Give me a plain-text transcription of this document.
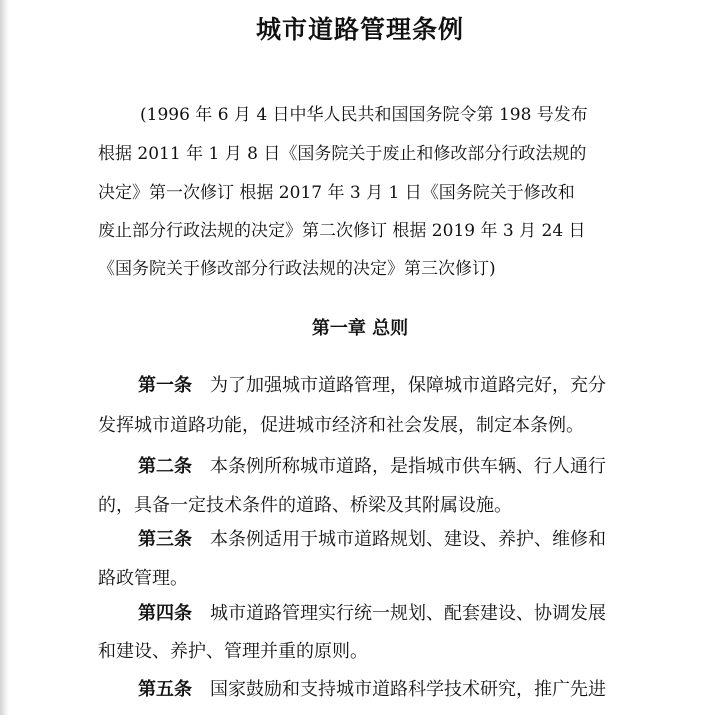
城市道路管理条例
(1996 年 6 月 4 日中华人民共和国国务院令第 198 号发布
根据 2011 年 1 月 8 日《国务院关于废止和修改部分行政法规的
决定》第一次修订 根据 2017 年 3 月 1 日《国务院关于修改和
废止部分行政法规的决定》第二次修订 根据 2019 年 3 月 24 日
《国务院关于修改部分行政法规的决定》第三次修订)
第一章 总则
第一条 为了加强城市道路管理，保障城市道路完好，充分
发挥城市道路功能，促进城市经济和社会发展，制定本条例。
第二条 本条例所称城市道路，是指城市供车辆、行人通行
的，具备一定技术条件的道路、桥梁及其附属设施。
第三条 本条例适用于城市道路规划、建设、养护、维修和
路政管理。
第四条 城市道路管理实行统一规划、配套建设、协调发展
和建设、养护、管理并重的原则。
第五条 国家鼓励和支持城市道路科学技术研究，推广先进
